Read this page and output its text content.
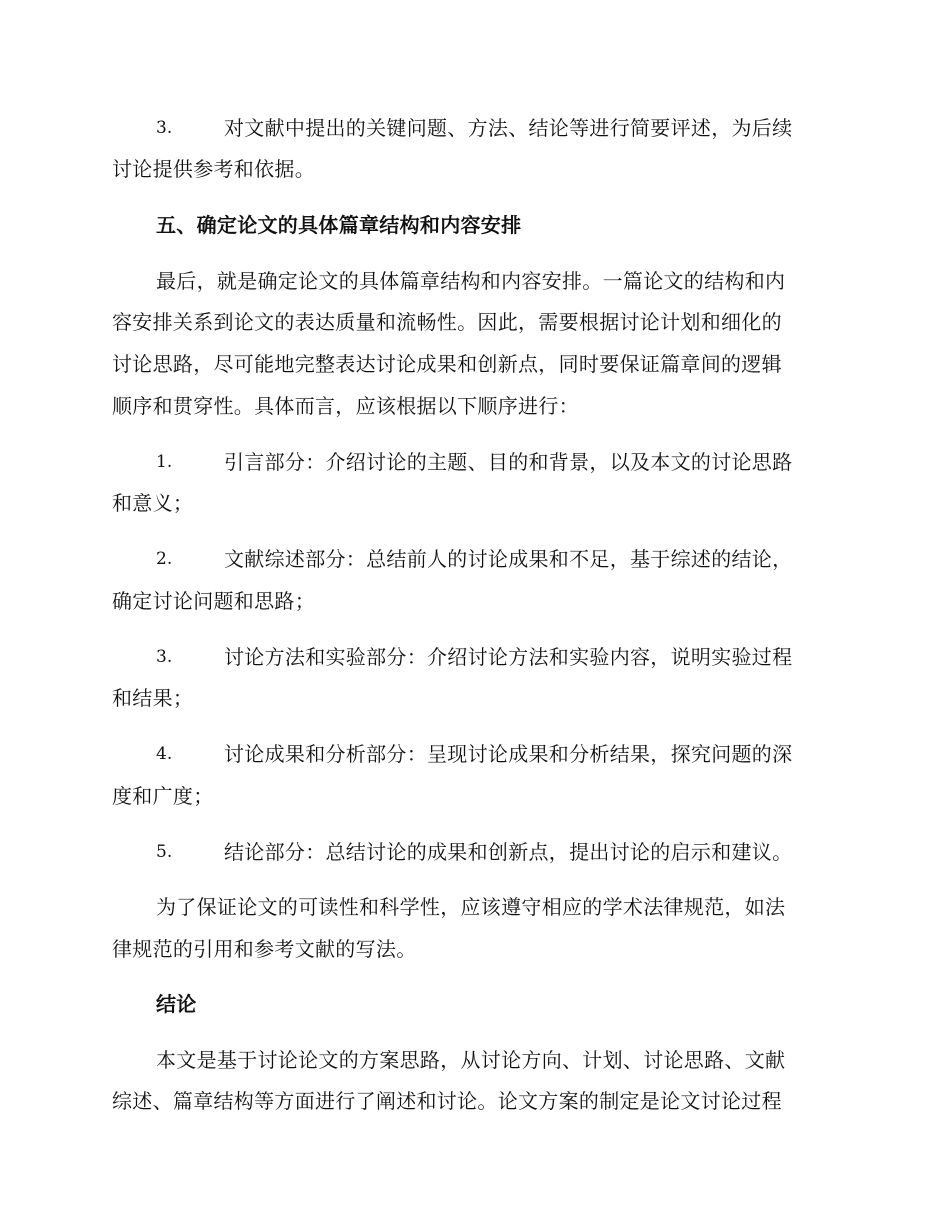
3.	对文献中提出的关键问题、方法、结论等进行简要评述，为后续
讨论提供参考和依据。
五、确定论文的具体篇章结构和内容安排
最后，就是确定论文的具体篇章结构和内容安排。一篇论文的结构和内
容安排关系到论文的表达质量和流畅性。因此，需要根据讨论计划和细化的
讨论思路，尽可能地完整表达讨论成果和创新点，同时要保证篇章间的逻辑
顺序和贯穿性。具体而言，应该根据以下顺序进行：
1.	引言部分：介绍讨论的主题、目的和背景，以及本文的讨论思路
和意义；
2.	文献综述部分：总结前人的讨论成果和不足，基于综述的结论，
确定讨论问题和思路；
3.	讨论方法和实验部分：介绍讨论方法和实验内容，说明实验过程
和结果；
4.	讨论成果和分析部分：呈现讨论成果和分析结果，探究问题的深
度和广度；
5.	结论部分：总结讨论的成果和创新点，提出讨论的启示和建议。
为了保证论文的可读性和科学性，应该遵守相应的学术法律规范，如法
律规范的引用和参考文献的写法。
结论
本文是基于讨论论文的方案思路，从讨论方向、计划、讨论思路、文献
综述、篇章结构等方面进行了阐述和讨论。论文方案的制定是论文讨论过程
